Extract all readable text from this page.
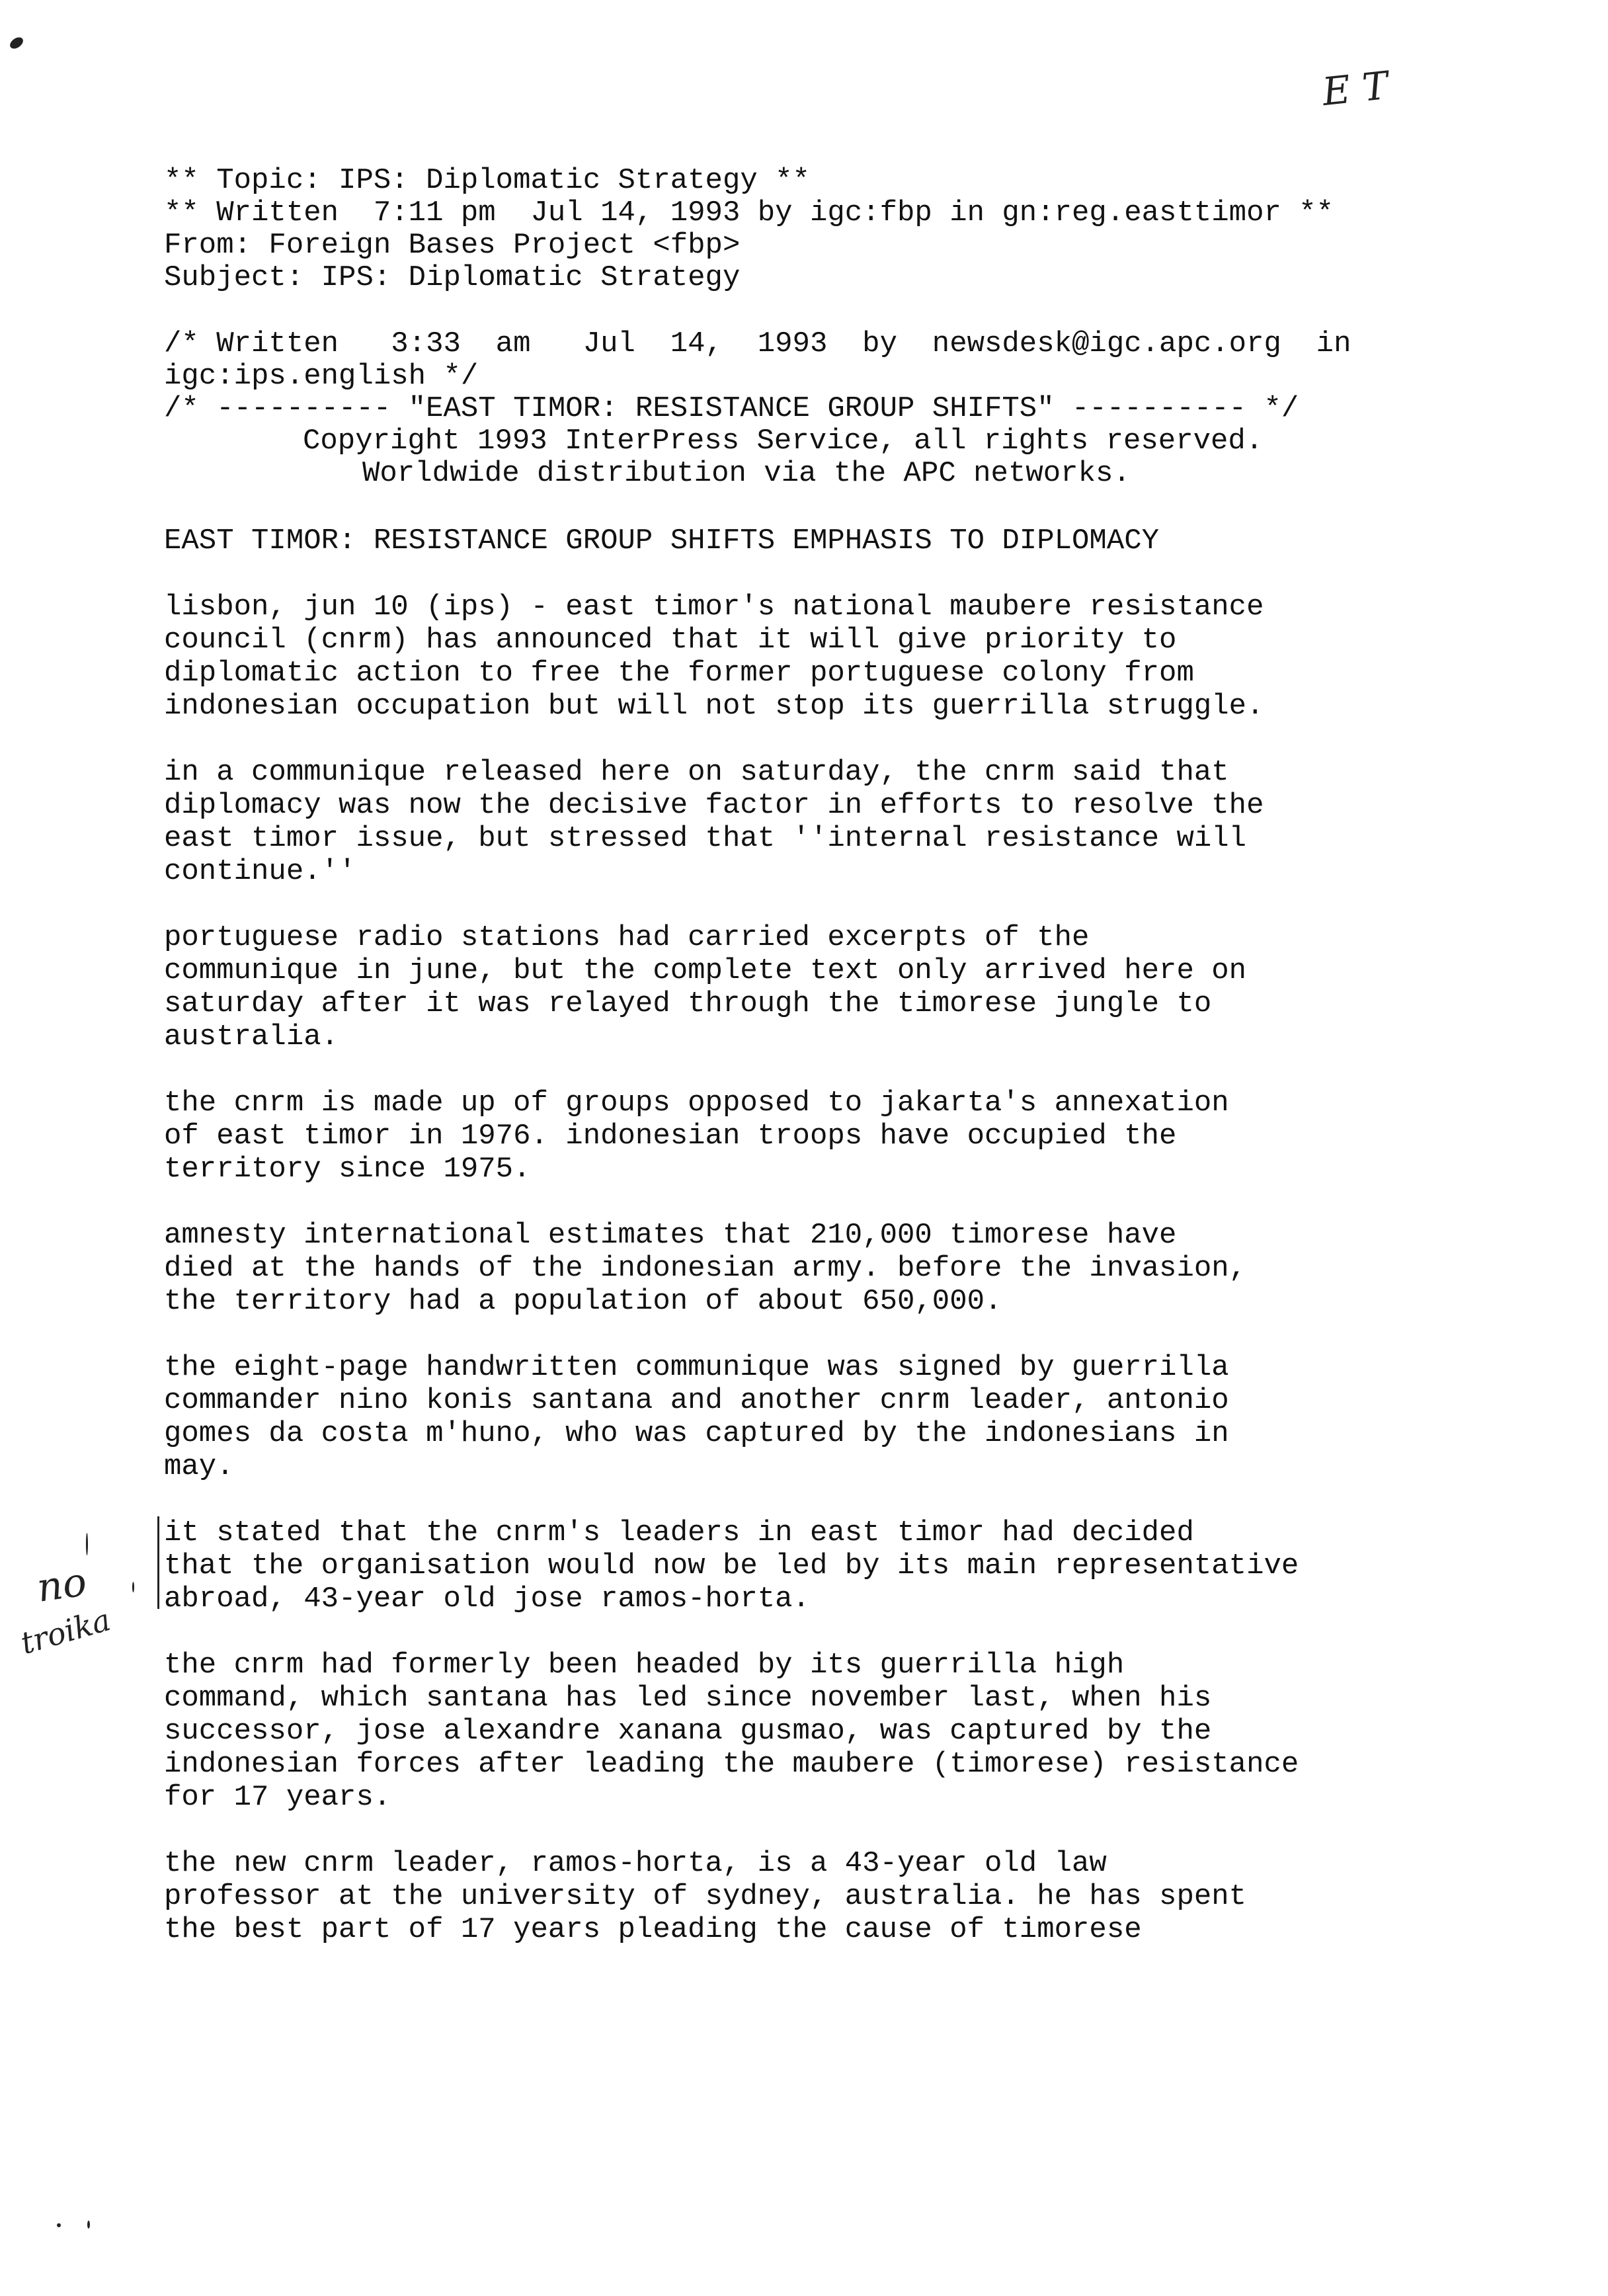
E T

** Topic: IPS: Diplomatic Strategy **

** Written  7:11 pm  Jul 14, 1993 by igc:fbp in gn:reg.easttimor **

From: Foreign Bases Project <fbp>

Subject: IPS: Diplomatic Strategy

/* Written   3:33  am   Jul  14,  1993  by  newsdesk@igc.apc.org  in

igc:ips.english */

/* ---------- "EAST TIMOR: RESISTANCE GROUP SHIFTS" ---------- */

Copyright 1993 InterPress Service, all rights reserved.

Worldwide distribution via the APC networks.

EAST TIMOR: RESISTANCE GROUP SHIFTS EMPHASIS TO DIPLOMACY

lisbon, jun 10 (ips) - east timor's national maubere resistance

council (cnrm) has announced that it will give priority to

diplomatic action to free the former portuguese colony from

indonesian occupation but will not stop its guerrilla struggle.

in a communique released here on saturday, the cnrm said that

diplomacy was now the decisive factor in efforts to resolve the

east timor issue, but stressed that ''internal resistance will

continue.''

portuguese radio stations had carried excerpts of the

communique in june, but the complete text only arrived here on

saturday after it was relayed through the timorese jungle to

australia.

the cnrm is made up of groups opposed to jakarta's annexation

of east timor in 1976. indonesian troops have occupied the

territory since 1975.

amnesty international estimates that 210,000 timorese have

died at the hands of the indonesian army. before the invasion,

the territory had a population of about 650,000.

the eight-page handwritten communique was signed by guerrilla

commander nino konis santana and another cnrm leader, antonio

gomes da costa m'huno, who was captured by the indonesians in

may.

it stated that the cnrm's leaders in east timor had decided

that the organisation would now be led by its main representative

abroad, 43-year old jose ramos-horta.

no
troika

the cnrm had formerly been headed by its guerrilla high

command, which santana has led since november last, when his

successor, jose alexandre xanana gusmao, was captured by the

indonesian forces after leading the maubere (timorese) resistance

for 17 years.

the new cnrm leader, ramos-horta, is a 43-year old law

professor at the university of sydney, australia. he has spent

the best part of 17 years pleading the cause of timorese
